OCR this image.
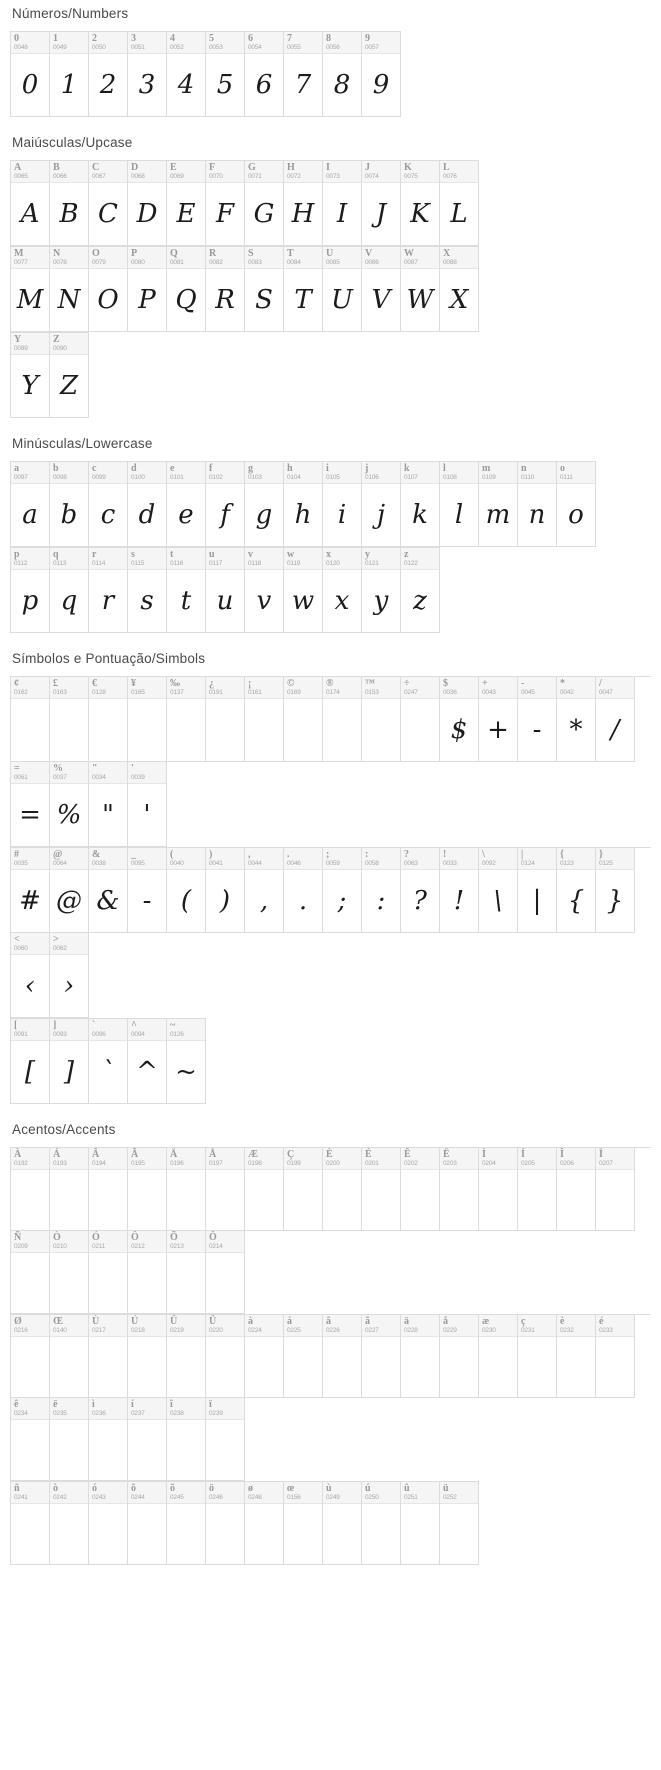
Números/Numbers
0
0048
0
1
0049
1
2
0050
2
3
0051
3
4
0052
4
5
0053
5
6
0054
6
7
0055
7
8
0056
8
9
0057
9
Maiúsculas/Upcase
A
0065
A
B
0066
B
C
0067
C
D
0068
D
E
0069
E
F
0070
F
G
0071
G
H
0072
H
I
0073
I
J
0074
J
K
0075
K
L
0076
L
M
0077
M
N
0078
N
O
0079
O
P
0080
P
Q
0081
Q
R
0082
R
S
0083
S
T
0084
T
U
0085
U
V
0086
V
W
0087
W
X
0088
X
Y
0089
Y
Z
0090
Z
Minúsculas/Lowercase
a
0097
a
b
0098
b
c
0099
c
d
0100
d
e
0101
e
f
0102
f
g
0103
g
h
0104
h
i
0105
i
j
0106
j
k
0107
k
l
0108
l
m
0109
m
n
0110
n
o
0111
o
p
0112
p
q
0113
q
r
0114
r
s
0115
s
t
0116
t
u
0117
u
v
0118
v
w
0119
w
x
0120
x
y
0121
y
z
0122
z
Símbolos e Pontuação/Simbols
¢
0162
£
0163
€
0128
¥
0165
‰
0137
¿
0191
¡
0161
©
0169
®
0174
™
0153
÷
0247
$
0036
$
+
0043
+
-
0045
-
*
0042
*
/
0047
/
=
0061
=
%
0037
%
"
0034
"
'
0039
'
#
0035
#
@
0064
@
&
0038
&
_
0095
-
(
0040
(
)
0041
)
,
0044
,
.
0046
.
;
0059
;
:
0058
:
?
0063
?
!
0033
!
\
0092
\
|
0124
|
{
0123
{
}
0125
}
<
0060
‹
>
0062
›
[
0091
[
]
0093
]
`
0096
`
^
0094
^
~
0126
~
Acentos/Accents
À
0192
Á
0193
Â
0194
Ã
0195
Ä
0196
Å
0197
Æ
0198
Ç
0199
È
0200
É
0201
Ê
0202
Ë
0203
Ì
0204
Í
0205
Î
0206
Ï
0207
Ñ
0209
Ò
0210
Ó
0211
Ô
0212
Õ
0213
Ö
0214
Ø
0216
Œ
0140
Ù
0217
Ú
0218
Û
0219
Ü
0220
à
0224
á
0225
â
0226
ã
0227
ä
0228
å
0229
æ
0230
ç
0231
è
0232
é
0233
ê
0234
ë
0235
ì
0236
í
0237
î
0238
ï
0239
ñ
0241
ò
0242
ó
0243
ô
0244
õ
0245
ö
0246
ø
0248
œ
0156
ù
0249
ú
0250
û
0251
ü
0252
